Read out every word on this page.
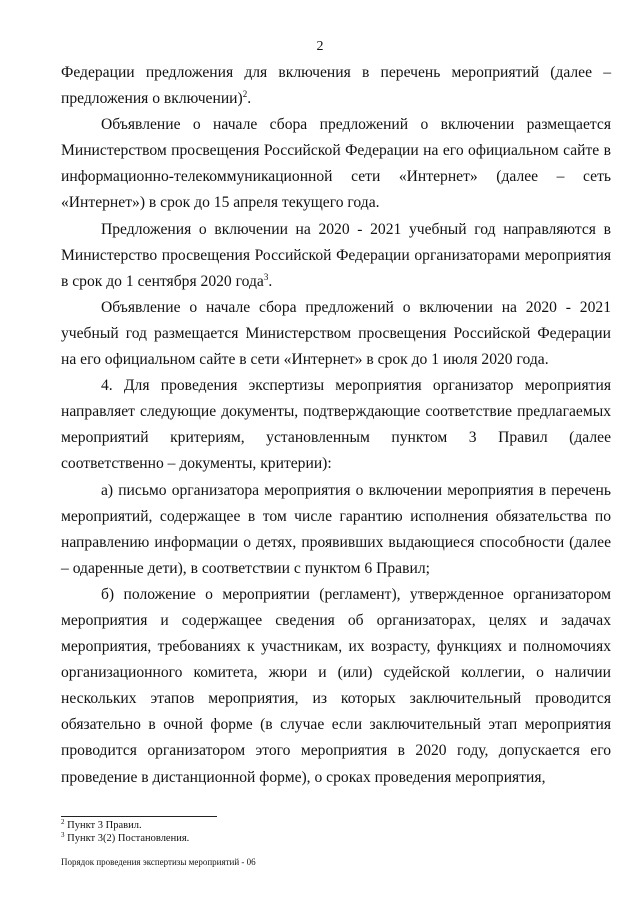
2

Федерации предложения для включения в перечень мероприятий (далее – предложения о включении)$^2$.

Объявление о начале сбора предложений о включении размещается Министерством просвещения Российской Федерации на его официальном сайте в информационно-телекоммуникационной сети «Интернет» (далее – сеть «Интернет») в срок до 15 апреля текущего года.

Предложения о включении на 2020 - 2021 учебный год направляются в Министерство просвещения Российской Федерации организаторами мероприятия в срок до 1 сентября 2020 года$^3$.

Объявление о начале сбора предложений о включении на 2020 - 2021 учебный год размещается Министерством просвещения Российской Федерации на его официальном сайте в сети «Интернет» в срок до 1 июля 2020 года.

4. Для проведения экспертизы мероприятия организатор мероприятия направляет следующие документы, подтверждающие соответствие предлагаемых мероприятий критериям, установленным пунктом 3 Правил (далее соответственно – документы, критерии):

а) письмо организатора мероприятия о включении мероприятия в перечень мероприятий, содержащее в том числе гарантию исполнения обязательства по направлению информации о детях, проявивших выдающиеся способности (далее – одаренные дети), в соответствии с пунктом 6 Правил;

б) положение о мероприятии (регламент), утвержденное организатором мероприятия и содержащее сведения об организаторах, целях и задачах мероприятия, требованиях к участникам, их возрасту, функциях и полномочиях организационного комитета, жюри и (или) судейской коллегии, о наличии нескольких этапов мероприятия, из которых заключительный проводится обязательно в очной форме (в случае если заключительный этап мероприятия проводится организатором этого мероприятия в 2020 году, допускается его проведение в дистанционной форме), о сроках проведения мероприятия,

$^2$ Пункт 3 Правил.
$^3$ Пункт 3(2) Постановления.
Порядок проведения экспертизы мероприятий - 06
